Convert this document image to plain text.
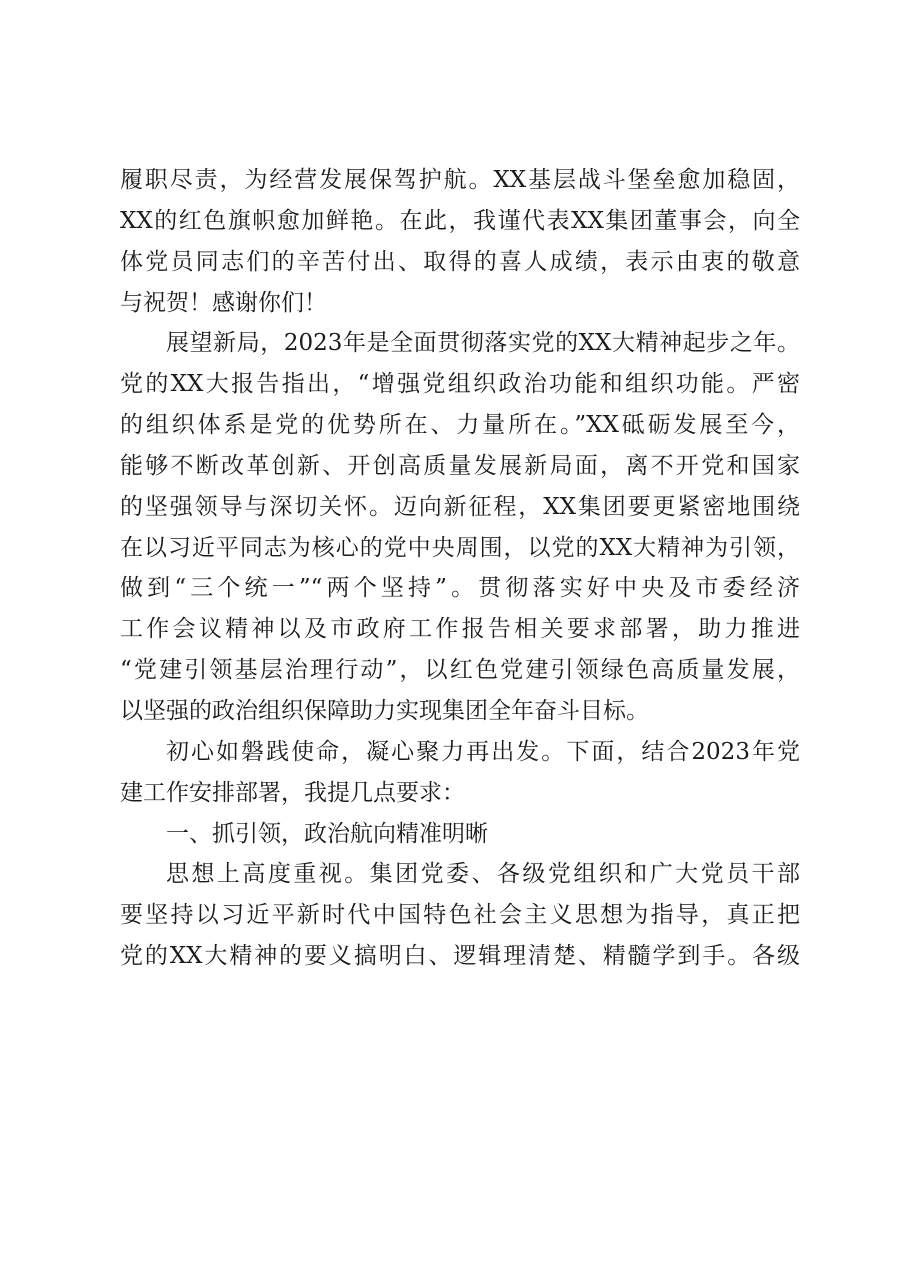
履职尽责，为经营发展保驾护航。XX基层战斗堡垒愈加稳固，
XX的红色旗帜愈加鲜艳。在此，我谨代表XX集团董事会，向全
体党员同志们的辛苦付出、取得的喜人成绩，表示由衷的敬意
与祝贺！感谢你们！
展望新局，2023年是全面贯彻落实党的XX大精神起步之年。
党的XX大报告指出，“增强党组织政治功能和组织功能。严密
的组织体系是党的优势所在、力量所在。”XX砥砺发展至今，
能够不断改革创新、开创高质量发展新局面，离不开党和国家
的坚强领导与深切关怀。迈向新征程，XX集团要更紧密地围绕
在以习近平同志为核心的党中央周围，以党的XX大精神为引领，
做到“三个统一”“两个坚持”。贯彻落实好中央及市委经济
工作会议精神以及市政府工作报告相关要求部署，助力推进
“党建引领基层治理行动”，以红色党建引领绿色高质量发展，
以坚强的政治组织保障助力实现集团全年奋斗目标。
初心如磐践使命，凝心聚力再出发。下面，结合2023年党
建工作安排部署，我提几点要求：
一、抓引领，政治航向精准明晰
思想上高度重视。集团党委、各级党组织和广大党员干部
要坚持以习近平新时代中国特色社会主义思想为指导，真正把
党的XX大精神的要义搞明白、逻辑理清楚、精髓学到手。各级
